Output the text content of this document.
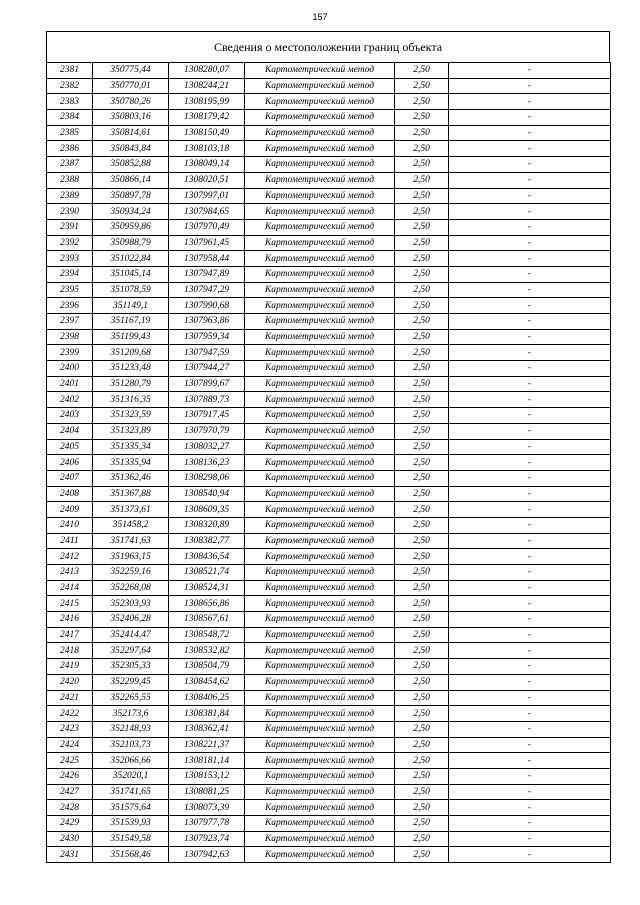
157
Сведения о местоположении границ объекта
2381	350775,44	1308280,07	Картометрический метод	2,50	-
2382	350770,01	1308244,21	Картометрический метод	2,50	-
2383	350780,26	1308195,99	Картометрический метод	2,50	-
2384	350803,16	1308179,42	Картометрический метод	2,50	-
2385	350814,61	1308150,49	Картометрический метод	2,50	-
2386	350843,84	1308103,18	Картометрический метод	2,50	-
2387	350852,88	1308049,14	Картометрический метод	2,50	-
2388	350866,14	1308020,51	Картометрический метод	2,50	-
2389	350897,78	1307997,01	Картометрический метод	2,50	-
2390	350934,24	1307984,65	Картометрический метод	2,50	-
2391	350959,86	1307970,49	Картометрический метод	2,50	-
2392	350988,79	1307961,45	Картометрический метод	2,50	-
2393	351022,84	1307958,44	Картометрический метод	2,50	-
2394	351045,14	1307947,89	Картометрический метод	2,50	-
2395	351078,59	1307947,29	Картометрический метод	2,50	-
2396	351149,1	1307990,68	Картометрический метод	2,50	-
2397	351167,19	1307963,86	Картометрический метод	2,50	-
2398	351199,43	1307959,34	Картометрический метод	2,50	-
2399	351209,68	1307947,59	Картометрический метод	2,50	-
2400	351233,48	1307944,27	Картометрический метод	2,50	-
2401	351280,79	1307899,67	Картометрический метод	2,50	-
2402	351316,35	1307889,73	Картометрический метод	2,50	-
2403	351323,59	1307917,45	Картометрический метод	2,50	-
2404	351323,89	1307970,79	Картометрический метод	2,50	-
2405	351335,34	1308032,27	Картометрический метод	2,50	-
2406	351335,94	1308136,23	Картометрический метод	2,50	-
2407	351362,46	1308298,06	Картометрический метод	2,50	-
2408	351367,88	1308540,94	Картометрический метод	2,50	-
2409	351373,61	1308609,35	Картометрический метод	2,50	-
2410	351458,2	1308320,89	Картометрический метод	2,50	-
2411	351741,63	1308382,77	Картометрический метод	2,50	-
2412	351963,15	1308436,54	Картометрический метод	2,50	-
2413	352259,16	1308521,74	Картометрический метод	2,50	-
2414	352268,08	1308524,31	Картометрический метод	2,50	-
2415	352303,93	1308656,86	Картометрический метод	2,50	-
2416	352406,28	1308567,61	Картометрический метод	2,50	-
2417	352414,47	1308548,72	Картометрический метод	2,50	-
2418	352297,64	1308532,82	Картометрический метод	2,50	-
2419	352305,33	1308504,79	Картометрический метод	2,50	-
2420	352299,45	1308454,62	Картометрический метод	2,50	-
2421	352265,55	1308406,25	Картометрический метод	2,50	-
2422	352173,6	1308381,84	Картометрический метод	2,50	-
2423	352148,93	1308362,41	Картометрический метод	2,50	-
2424	352103,73	1308221,37	Картометрический метод	2,50	-
2425	352066,66	1308181,14	Картометрический метод	2,50	-
2426	352020,1	1308153,12	Картометрический метод	2,50	-
2427	351741,65	1308081,25	Картометрический метод	2,50	-
2428	351575,64	1308073,39	Картометрический метод	2,50	-
2429	351539,93	1307977,78	Картометрический метод	2,50	-
2430	351549,58	1307923,74	Картометрический метод	2,50	-
2431	351568,46	1307942,63	Картометрический метод	2,50	-
